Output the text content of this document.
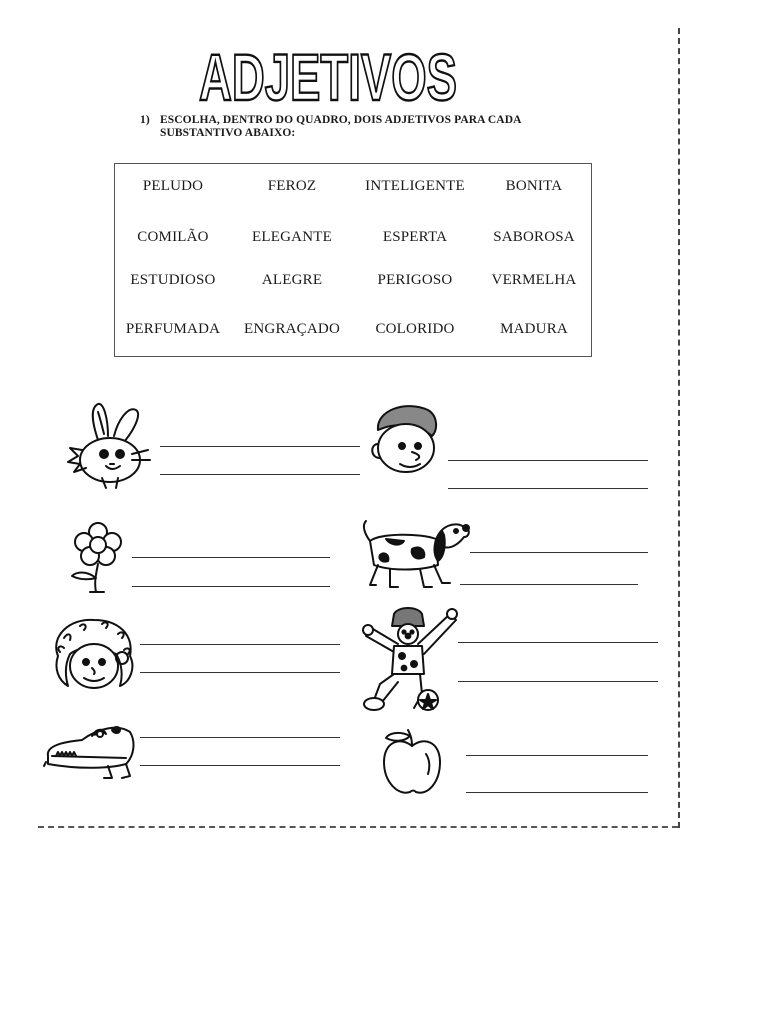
ADJETIVOS
1) ESCOLHA, DENTRO DO QUADRO, DOIS ADJETIVOS PARA CADA
SUBSTANTIVO ABAIXO:
PELUDO	FEROZ	INTELIGENTE	BONITA
COMILÃO	ELEGANTE	ESPERTA	SABOROSA
ESTUDIOSO	ALEGRE	PERIGOSO	VERMELHA
PERFUMADA ENGRAÇADO COLORIDO	MADURA
